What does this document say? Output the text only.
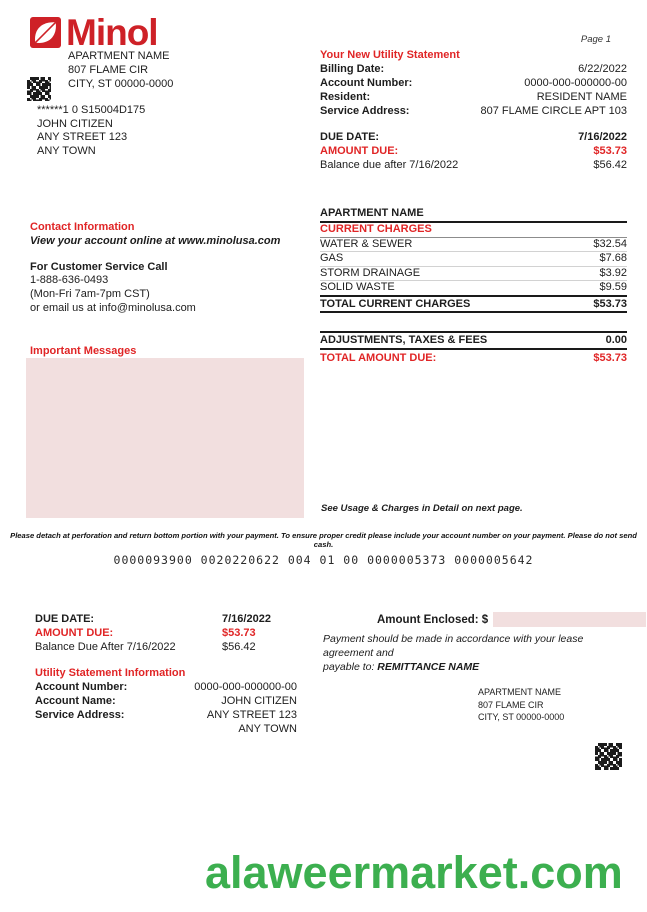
Minol
APARTMENT NAME
807 FLAME CIR
CITY, ST 00000-0000
******1 0 S15004D175
JOHN CITIZEN
ANY STREET 123
ANY TOWN
Page 1
Your New Utility Statement
Billing Date:	6/22/2022
Account Number:	0000-000-000000-00
Resident:	RESIDENT NAME
Service Address:	807 FLAME CIRCLE APT 103
DUE DATE:	7/16/2022
AMOUNT DUE:	$53.73
Balance due after 7/16/2022	$56.42
Contact Information
View your account online at www.minolusa.com
For Customer Service Call
1-888-636-0493
(Mon-Fri 7am-7pm CST)
or email us at info@minolusa.com
Important Messages
APARTMENT NAME
CURRENT CHARGES
WATER & SEWER	$32.54
GAS	$7.68
STORM DRAINAGE	$3.92
SOLID WASTE	$9.59
TOTAL CURRENT CHARGES	$53.73
ADJUSTMENTS, TAXES & FEES	0.00
TOTAL AMOUNT DUE:	$53.73
See Usage & Charges in Detail on next page.
Please detach at perforation and return bottom portion with your payment. To ensure proper credit please include your account number on your payment. Please do not send cash.
0000093900 0020220622 004 01 00 0000005373 0000005642
DUE DATE:	7/16/2022
AMOUNT DUE:	$53.73
Balance Due After 7/16/2022	$56.42
Utility Statement Information
Account Number:	0000-000-000000-00
Account Name:	JOHN CITIZEN
Service Address:	ANY STREET 123
ANY TOWN
Amount Enclosed: $
Payment should be made in accordance with your lease agreement and
payable to: REMITTANCE NAME
APARTMENT NAME
807 FLAME CIR
CITY, ST 00000-0000
alaweermarket.com
